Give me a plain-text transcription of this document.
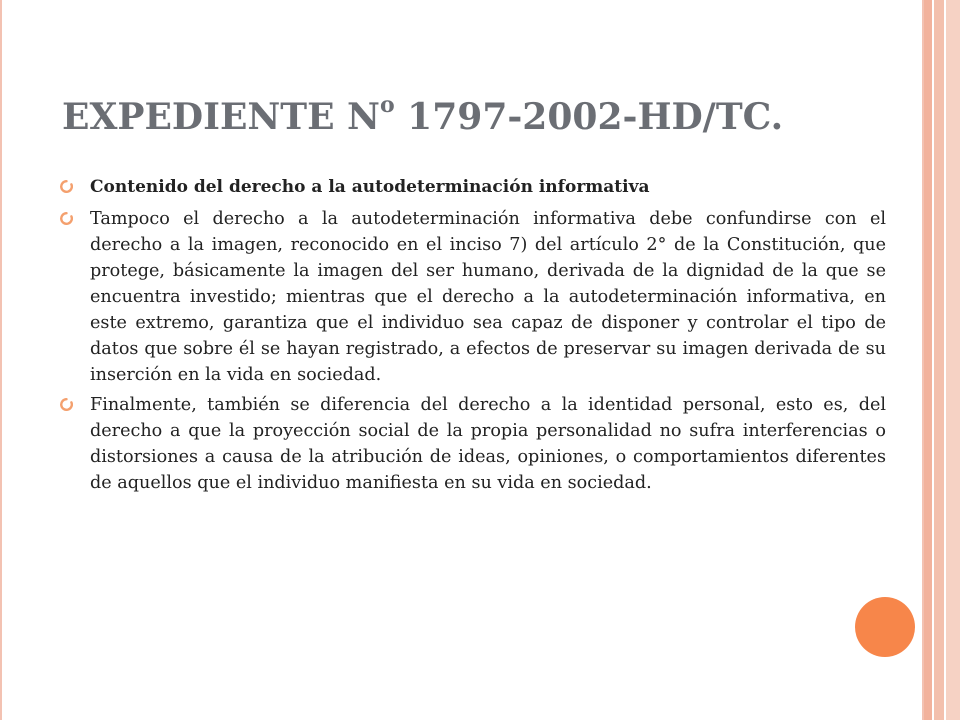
EXPEDIENTE $N^o$ 1797-2002-HD/TC.
Contenido del derecho a la autodeterminación informativa
Tampoco el derecho a la autodeterminación informativa debe confundirse con el derecho a la imagen, reconocido en el inciso 7) del artículo 2° de la Constitución, que protege, básicamente la imagen del ser humano, derivada de la dignidad de la que se encuentra investido; mientras que el derecho a la autodeterminación informativa, en este extremo, garantiza que el individuo sea capaz de disponer y controlar el tipo de datos que sobre él se hayan registrado, a efectos de preservar su imagen derivada de su inserción en la vida en sociedad.
Finalmente, también se diferencia del derecho a la identidad personal, esto es, del derecho a que la proyección social de la propia personalidad no sufra interferencias o distorsiones a causa de la atribución de ideas, opiniones, o comportamientos diferentes de aquellos que el individuo manifiesta en su vida en sociedad.
